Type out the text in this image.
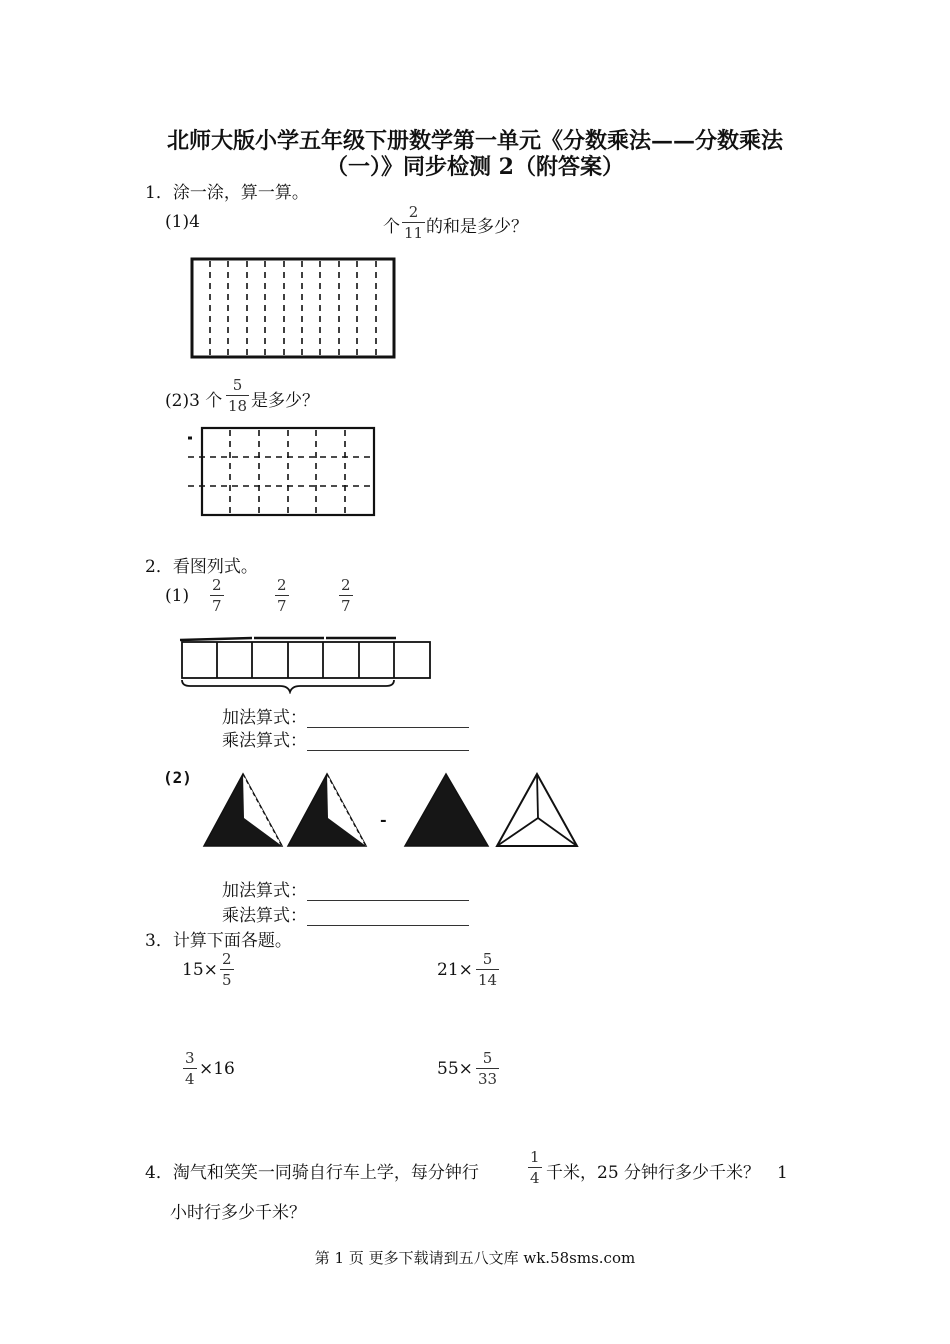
北师大版小学五年级下册数学第一单元《分数乘法——分数乘法
（一）》同步检测 2（附答案）
1．涂一涂，算一算。
(1)4	个 $\frac{2}{11}$ 的和是多少？
(2)3 个 $\frac{5}{18}$ 是多少？
2．看图列式。
$(1) \frac{2}{7}$	$\frac{2}{7}$	$\frac{2}{7}$
加法算式：
乘法算式：
(2)
-
加法算式：
乘法算式：
3．计算下面各题。
$15\times \frac{2}{5}$	$21\times \frac{5}{14}$
$\frac{3}{4} \times 16$	$55\times \frac{5}{33}$
4．淘气和笑笑一同骑自行车上学，每分钟行	$\frac{1}{4}$ 千米，25 分钟行多少千米？　1
小时行多少千米？
第 1 页 更多下载请到五八文库 wk.58sms.com
